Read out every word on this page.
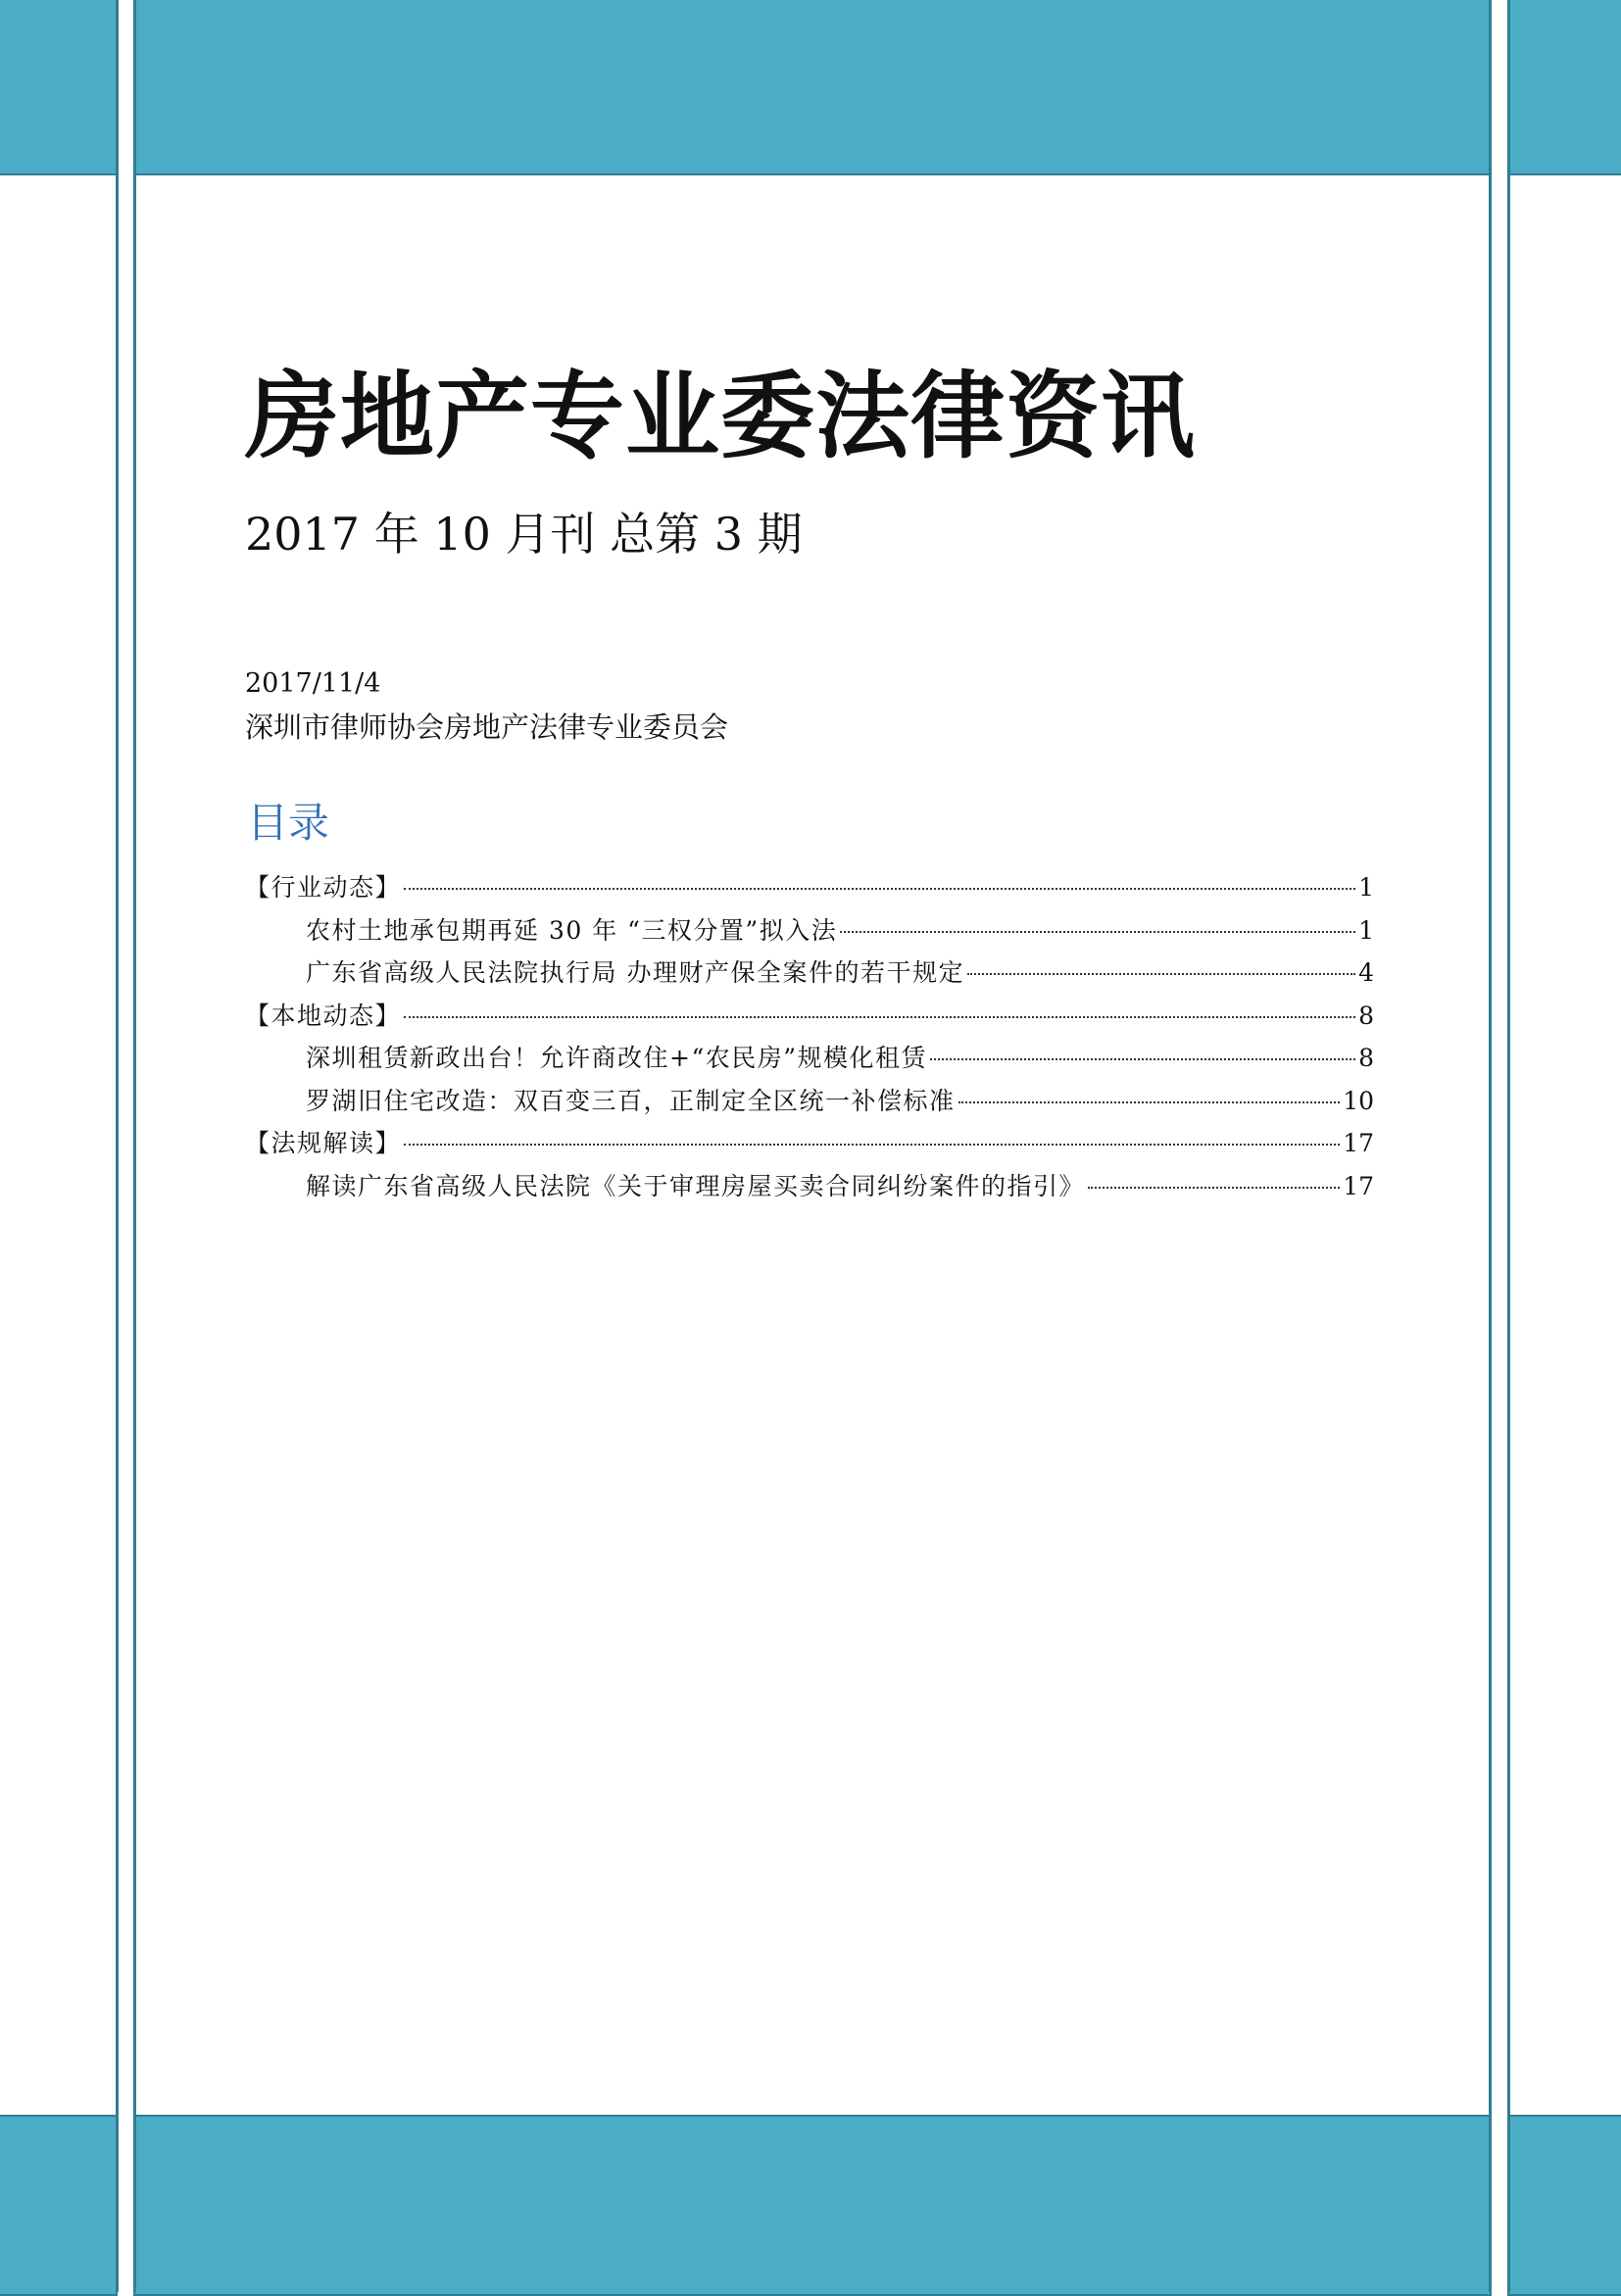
房地产专业委法律资讯
2017 年 10 月刊 总第 3 期
2017/11/4
深圳市律师协会房地产法律专业委员会
目录
【行业动态】	1
农村土地承包期再延 30 年 “三权分置”拟入法	1
广东省高级人民法院执行局 办理财产保全案件的若干规定	4
【本地动态】	8
深圳租赁新政出台！允许商改住+“农民房”规模化租赁	8
罗湖旧住宅改造：双百变三百，正制定全区统一补偿标准	10
【法规解读】	17
解读广东省高级人民法院《关于审理房屋买卖合同纠纷案件的指引》	17
